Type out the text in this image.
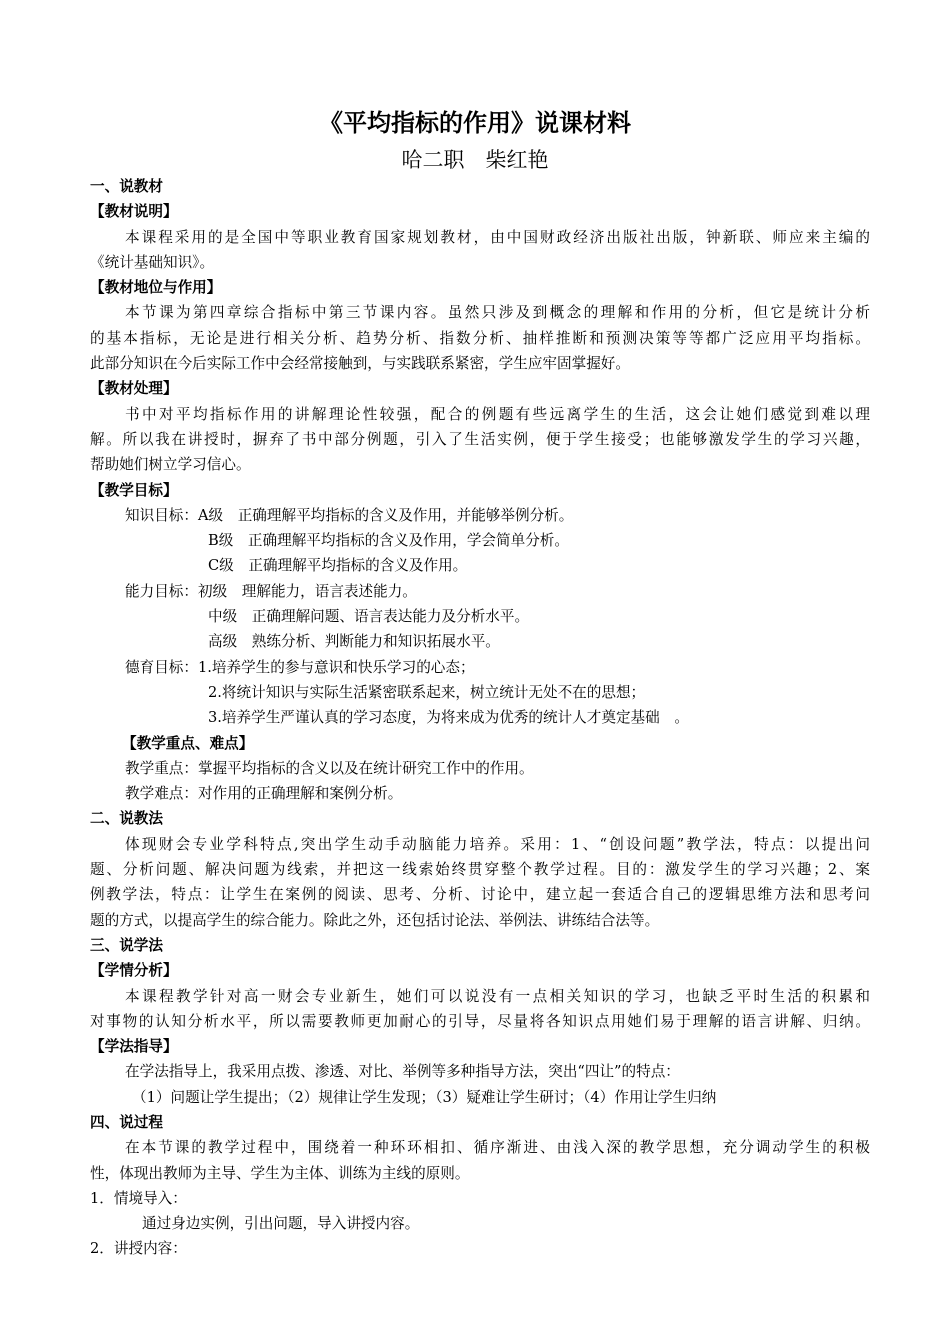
《平均指标的作用》说课材料
哈二职　柴红艳
一、说教材
【教材说明】
本课程采用的是全国中等职业教育国家规划教材，由中国财政经济出版社出版，钟新联、师应来主编的
《统计基础知识》。
【教材地位与作用】
本节课为第四章综合指标中第三节课内容。虽然只涉及到概念的理解和作用的分析，但它是统计分析
的基本指标，无论是进行相关分析、趋势分析、指数分析、抽样推断和预测决策等等都广泛应用平均指标。
此部分知识在今后实际工作中会经常接触到，与实践联系紧密，学生应牢固掌握好。
【教材处理】
书中对平均指标作用的讲解理论性较强，配合的例题有些远离学生的生活，这会让她们感觉到难以理
解。所以我在讲授时，摒弃了书中部分例题，引入了生活实例，便于学生接受；也能够激发学生的学习兴趣，
帮助她们树立学习信心。
【教学目标】
知识目标：A级　正确理解平均指标的含义及作用，并能够举例分析。
B级　正确理解平均指标的含义及作用，学会简单分析。
C级　正确理解平均指标的含义及作用。
能力目标：初级　理解能力，语言表述能力。
中级　正确理解问题、语言表达能力及分析水平。
高级　熟练分析、判断能力和知识拓展水平。
德育目标：1.培养学生的参与意识和快乐学习的心态；
2.将统计知识与实际生活紧密联系起来，树立统计无处不在的思想；
3.培养学生严谨认真的学习态度，为将来成为优秀的统计人才奠定基础　。
【教学重点、难点】
教学重点：掌握平均指标的含义以及在统计研究工作中的作用。
教学难点：对作用的正确理解和案例分析。
二、说教法
体现财会专业学科特点,突出学生动手动脑能力培养。采用：1、“创设问题”教学法，特点：以提出问
题、分析问题、解决问题为线索，并把这一线索始终贯穿整个教学过程。目的：激发学生的学习兴趣；2、案
例教学法，特点：让学生在案例的阅读、思考、分析、讨论中，建立起一套适合自己的逻辑思维方法和思考问
题的方式，以提高学生的综合能力。除此之外，还包括讨论法、举例法、讲练结合法等。
三、说学法
【学情分析】
本课程教学针对高一财会专业新生，她们可以说没有一点相关知识的学习，也缺乏平时生活的积累和
对事物的认知分析水平，所以需要教师更加耐心的引导，尽量将各知识点用她们易于理解的语言讲解、归纳。
【学法指导】
在学法指导上，我采用点拨、渗透、对比、举例等多种指导方法，突出“四让”的特点：
（1）问题让学生提出；（2）规律让学生发现；（3）疑难让学生研讨；（4）作用让学生归纳
四、说过程
在本节课的教学过程中，围绕着一种环环相扣、循序渐进、由浅入深的教学思想，充分调动学生的积极
性，体现出教师为主导、学生为主体、训练为主线的原则。
1．情境导入：
通过身边实例，引出问题，导入讲授内容。
2．讲授内容：
